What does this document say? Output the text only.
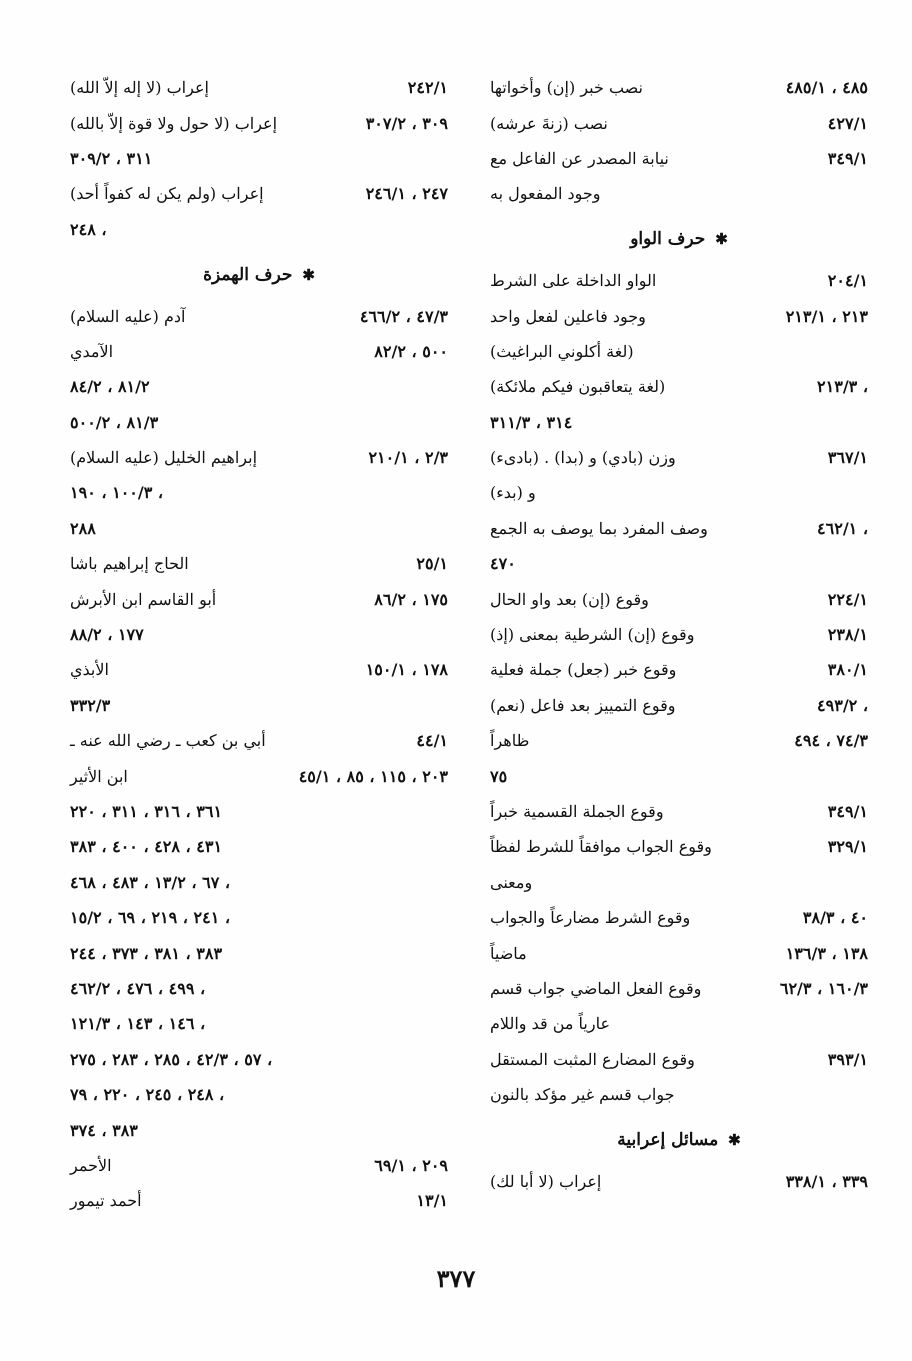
نصب خبر (إن) وأخواتها	٤٨٥ ، ٤٨٥/١
نصب (زنةَ عرشه)	٤٢٧/١
نيابة المصدر عن الفاعل مع	٣٤٩/١
وجود المفعول به
✱
حرف الواو
الواو الداخلة على الشرط	٢٠٤/١
وجود فاعلين لفعل واحد	٢١٣ ، ٢١٣/١
(لغة أكلوني البراغيث)
(لغة يتعاقبون فيكم ملائكة)	، ٢١٣/٣
٣١٤ ، ٣١١/٣
وزن (بادي) و (بدا) . (بادىء)	٣٦٧/١
و (بدء)
وصف المفرد بما يوصف به الجمع	، ٤٦٢/١
٤٧٠
وقوع (إن) بعد واو الحال	٢٢٤/١
وقوع (إن) الشرطية بمعنى (إذ)	٢٣٨/١
وقوع خبر (جعل) جملة فعلية	٣٨٠/١
وقوع التمييز بعد فاعل (نعم)	، ٤٩٣/٢
ظاهراً	٧٤/٣ ، ٤٩٤
٧٥
وقوع الجملة القسمية خبراً	٣٤٩/١
وقوع الجواب موافقاً للشرط لفظاً	٣٢٩/١
ومعنى
وقوع الشرط مضارعاً والجواب	٤٠ ، ٣٨/٣
ماضياً	١٣٨ ، ١٣٦/٣
وقوع الفعل الماضي جواب قسم	١٦٠/٣ ، ٦٢/٣
عارياً من قد واللام
وقوع المضارع المثبت المستقل	٣٩٣/١
جواب قسم غير مؤكد بالنون
✱
مسائل إعرابية
إعراب (لا أبا لك)	٣٣٩ ، ٣٣٨/١
إعراب (لا إله إلاّ الله)	٢٤٢/١
إعراب (لا حول ولا قوة إلاّ بالله)	٣٠٩ ، ٣٠٧/٢
٣١١ ، ٣٠٩/٢
إعراب (ولم يكن له كفواً أحد)	٢٤٧ ، ٢٤٦/١
، ٢٤٨
✱
حرف الهمزة
آدم (عليه السلام)	٤٧/٣ ، ٤٦٦/٢
الآمدي	٥٠٠ ، ٨٢/٢
٨١/٢ ، ٨٤/٢
٨١/٣ ، ٥٠٠/٢
إبراهيم الخليل (عليه السلام)	٢/٣ ، ٢١٠/١
، ١٠٠/٣ ، ١٩٠
٢٨٨
الحاج إبراهيم باشا	٢٥/١
أبو القاسم ابن الأبرش	١٧٥ ، ٨٦/٢
١٧٧ ، ٨٨/٢
الأبذي	١٧٨ ، ١٥٠/١
٣٣٢/٣
أبي بن كعب ـ رضي الله عنه ـ	٤٤/١
ابن الأثير	٢٠٣ ، ١١٥ ، ٨٥ ، ٤٥/١
٣٦١ ، ٣١٦ ، ٣١١ ، ٢٢٠
٤٣١ ، ٤٢٨ ، ٤٠٠ ، ٣٨٣
، ٦٧ ، ١٣/٢ ، ٤٨٣ ، ٤٦٨
، ٢٤١ ، ٢١٩ ، ٦٩ ، ١٥/٢
٣٨٣ ، ٣٨١ ، ٣٧٣ ، ٢٤٤
، ٤٩٩ ، ٤٧٦ ، ٤٦٢/٢
، ١٤٦ ، ١٤٣ ، ١٢١/٣
، ٥٧ ، ٤٢/٣ ، ٢٨٥ ، ٢٨٣ ، ٢٧٥
، ٢٤٨ ، ٢٤٥ ، ٢٢٠ ، ٧٩
٣٨٣ ، ٣٧٤
الأحمر	٢٠٩ ، ٦٩/١
أحمد تيمور	١٣/١
٣٧٧
